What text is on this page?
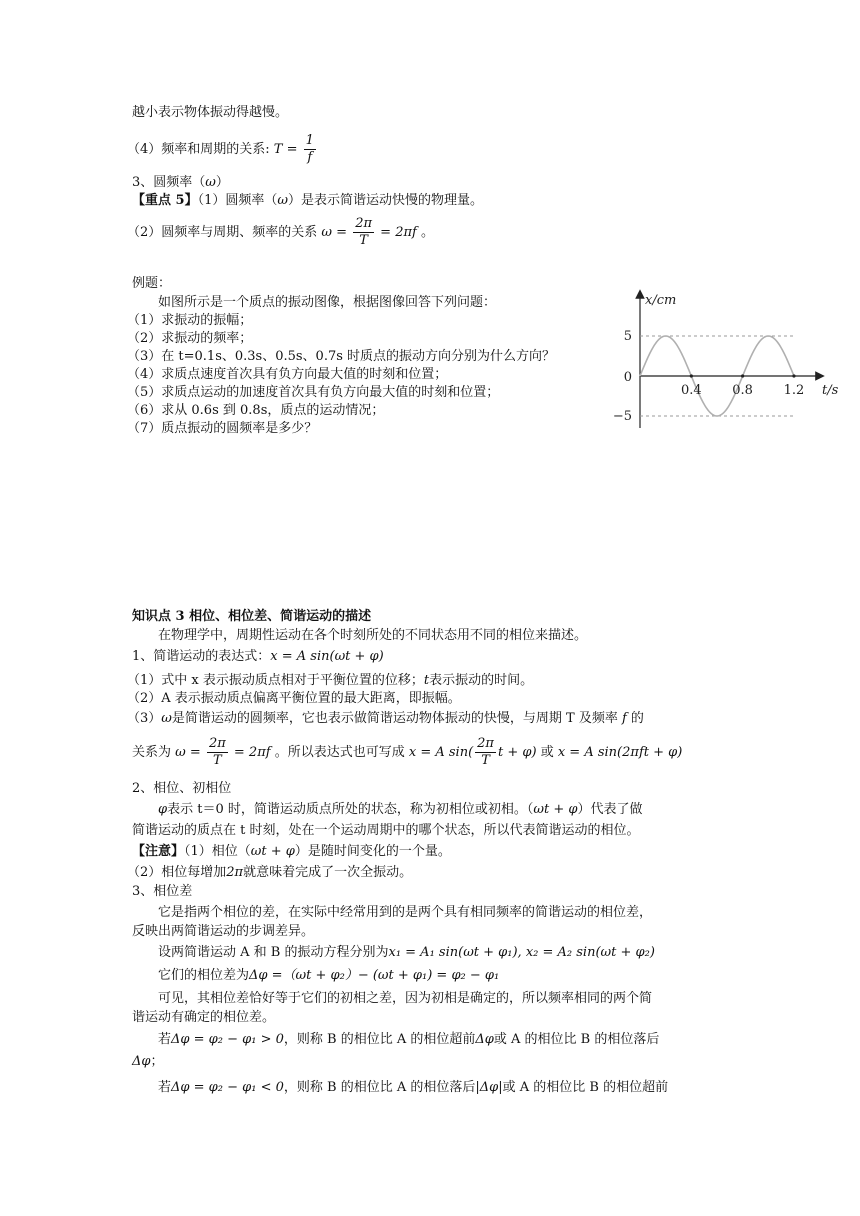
越小表示物体振动得越慢。
（4）频率和周期的关系: $T = \frac{1}{f}$
3、圆频率（ω）
【重点 5】（1）圆频率（ω）是表示简谐运动快慢的物理量。
（2）圆频率与周期、频率的关系 $\omega = \frac{2\pi}{T} = 2\pi f$ 。
例题：
如图所示是一个质点的振动图像，根据图像回答下列问题：
（1）求振动的振幅；
（2）求振动的频率；
（3）在 t=0.1s、0.3s、0.5s、0.7s 时质点的振动方向分别为什么方向？
（4）求质点速度首次具有负方向最大值的时刻和位置；
（5）求质点运动的加速度首次具有负方向最大值的时刻和位置；
（6）求从 0.6s 到 0.8s，质点的运动情况；
（7）质点振动的圆频率是多少？
0.4 0.8 1.2
5
0
−5
x/cm
t/s
知识点 3 相位、相位差、简谐运动的描述
在物理学中，周期性运动在各个时刻所处的不同状态用不同的相位来描述。
1、简谐运动的表达式：x = A sin(ωt + φ)
（1）式中 x 表示振动质点相对于平衡位置的位移；t表示振动的时间。
（2）A 表示振动质点偏离平衡位置的最大距离，即振幅。
（3）ω是简谐运动的圆频率，它也表示做简谐运动物体振动的快慢，与周期 T 及频率 f 的
关系为 $\omega = \frac{2\pi}{T} = 2\pi f$ 。所以表达式也可写成 x = A $\sin( \frac{2\pi}{T}$ t + φ) 或 x = A sin(2πft + φ)
2、相位、初相位
φ表示 t＝0 时，简谐运动质点所处的状态，称为初相位或初相。（ωt + φ）代表了做
简谐运动的质点在 t 时刻，处在一个运动周期中的哪个状态，所以代表简谐运动的相位。
【注意】（1）相位（ωt + φ）是随时间变化的一个量。
（2）相位每增加2π就意味着完成了一次全振动。
3、相位差
它是指两个相位的差，在实际中经常用到的是两个具有相同频率的简谐运动的相位差，
反映出两简谐运动的步调差异。
设两简谐运动 A 和 B 的振动方程分别为x₁ = A₁ sin(ωt + φ₁), x₂ = A₂ sin(ωt + φ₂)
它们的相位差为Δφ =（ωt + φ₂）− (ωt + φ₁) = φ₂ − φ₁
可见，其相位差恰好等于它们的初相之差，因为初相是确定的，所以频率相同的两个简
谐运动有确定的相位差。
若Δφ = φ₂ − φ₁ > 0，则称 B 的相位比 A 的相位超前Δφ或 A 的相位比 B 的相位落后
Δφ；
若Δφ = φ₂ − φ₁ < 0，则称 B 的相位比 A 的相位落后|Δφ|或 A 的相位比 B 的相位超前
